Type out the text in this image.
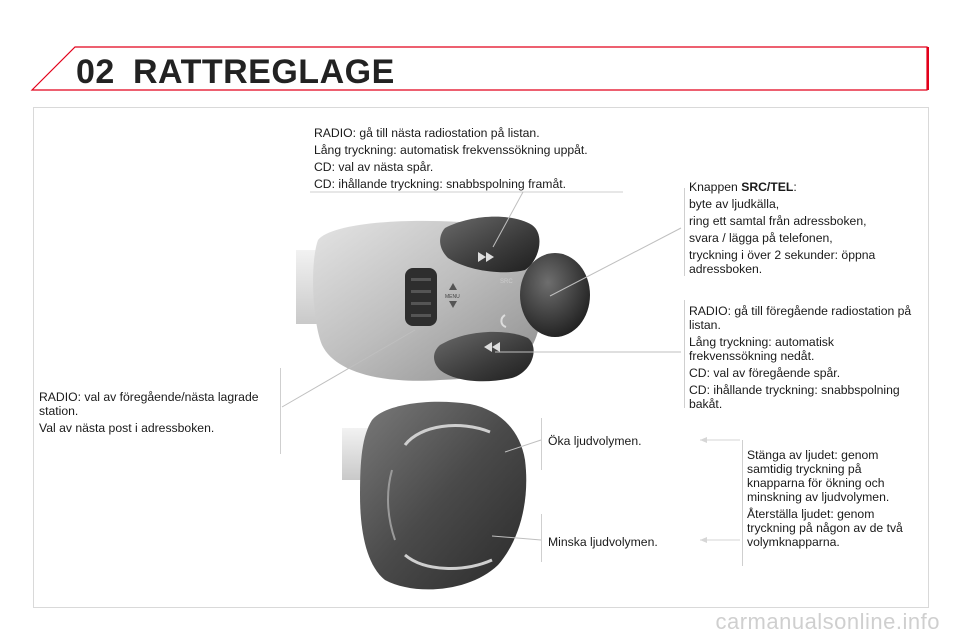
02 RATTREGLAGE
MENU
SRC

RADIO: gå till nästa radiostation på listan.

Lång tryckning: automatisk frekvenssökning uppåt.

CD: val av nästa spår.

CD: ihållande tryckning: snabbspolning framåt.	Knappen SRC/TEL:

byte av ljudkälla,

ring ett samtal från adressboken,

svara / lägga på telefonen,

tryckning i över 2 sekunder: öppna adressboken.

RADIO: gå till föregående radiostation på listan.

Lång tryckning: automatisk frekvenssökning nedåt.

CD: val av föregående spår.

CD: ihållande tryckning: snabbspolning bakåt.

RADIO: val av föregående/nästa lagrade station.

Val av nästa post i adressboken.

Öka ljudvolymen.
Minska ljudvolymen.

Stänga av ljudet: genom samtidig tryckning på knapparna för ökning och minskning av ljudvolymen.

Återställa ljudet: genom tryckning på någon av de två volymknapparna.

carmanualsonline.info
